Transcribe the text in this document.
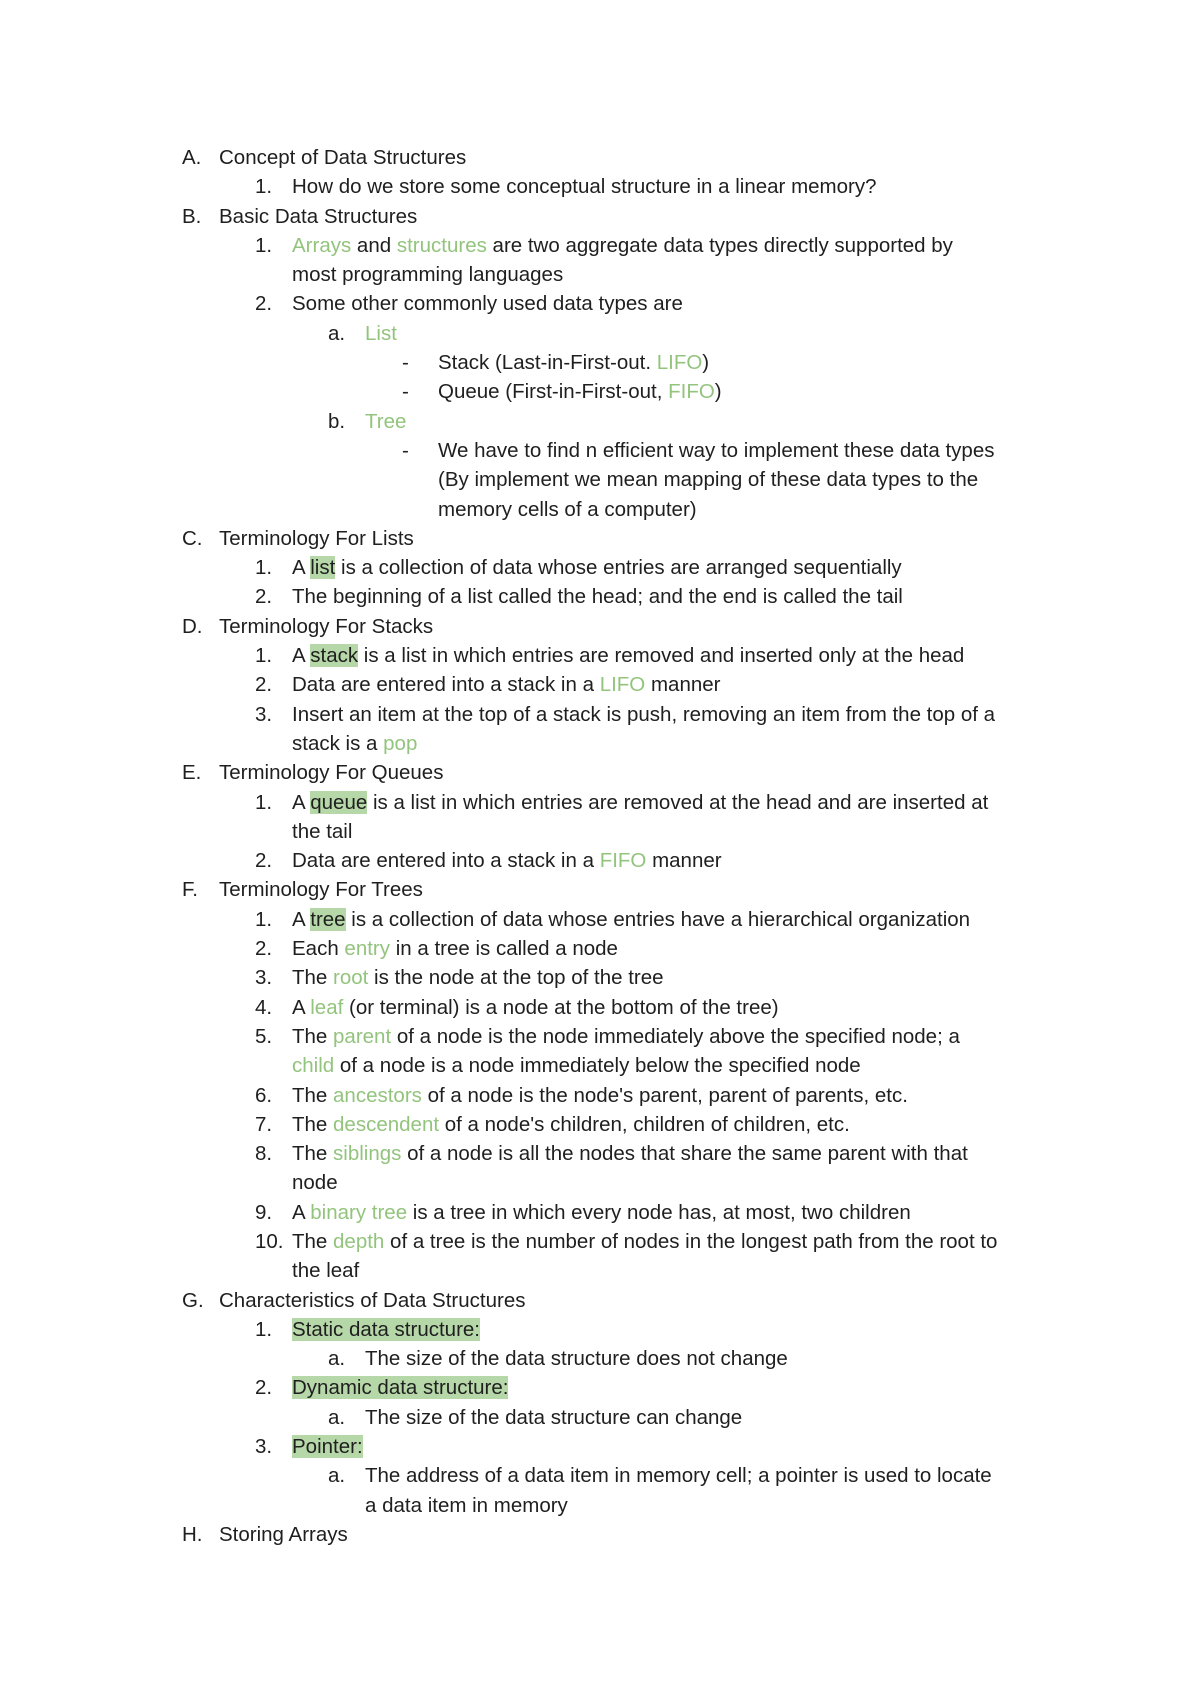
A. Concept of Data Structures
1. How do we store some conceptual structure in a linear memory?
B. Basic Data Structures
1. Arrays and structures are two aggregate data types directly supported by
most programming languages
2. Some other commonly used data types are
a. List
- Stack (Last-in-First-out. LIFO)
- Queue (First-in-First-out, FIFO)
b. Tree
- We have to find n efficient way to implement these data types
(By implement we mean mapping of these data types to the
memory cells of a computer)
C. Terminology For Lists
1. A list is a collection of data whose entries are arranged sequentially
2. The beginning of a list called the head; and the end is called the tail
D. Terminology For Stacks
1. A stack is a list in which entries are removed and inserted only at the head
2. Data are entered into a stack in a LIFO manner
3. Insert an item at the top of a stack is push, removing an item from the top of a
stack is a pop
E. Terminology For Queues
1. A queue is a list in which entries are removed at the head and are inserted at
the tail
2. Data are entered into a stack in a FIFO manner
F. Terminology For Trees
1. A tree is a collection of data whose entries have a hierarchical organization
2. Each entry in a tree is called a node
3. The root is the node at the top of the tree
4. A leaf (or terminal) is a node at the bottom of the tree)
5. The parent of a node is the node immediately above the specified node; a
child of a node is a node immediately below the specified node
6. The ancestors of a node is the node's parent, parent of parents, etc.
7. The descendent of a node's children, children of children, etc.
8. The siblings of a node is all the nodes that share the same parent with that
node
9. A binary tree is a tree in which every node has, at most, two children
10. The depth of a tree is the number of nodes in the longest path from the root to
the leaf
G. Characteristics of Data Structures
1. Static data structure:
a. The size of the data structure does not change
2. Dynamic data structure:
a. The size of the data structure can change
3. Pointer:
a. The address of a data item in memory cell; a pointer is used to locate
a data item in memory
H. Storing Arrays
